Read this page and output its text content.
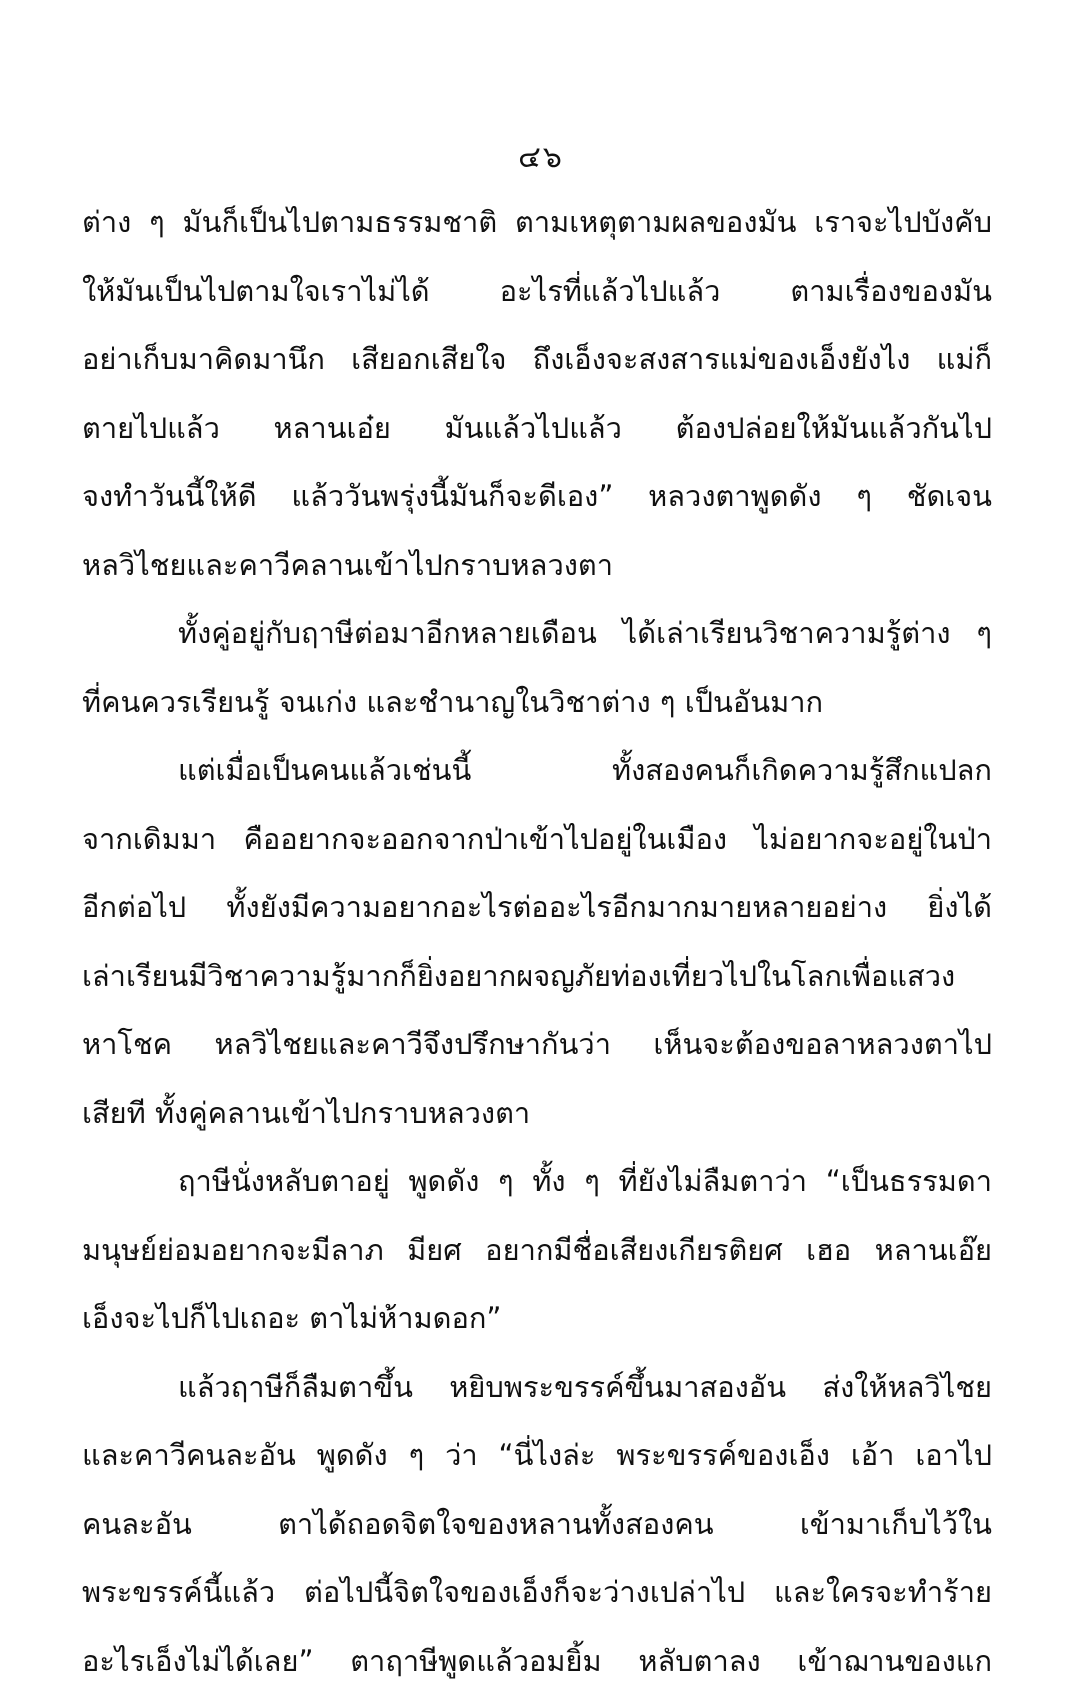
๔๖
ต่าง ๆ มันก็เป็นไปตามธรรมชาติ ตามเหตุตามผลของมัน เราจะไปบังคับ
ให้มันเป็นไปตามใจเราไม่ได้ อะไรที่แล้วไปแล้ว ตามเรื่องของมัน
อย่าเก็บมาคิดมานึก เสียอกเสียใจ ถึงเอ็งจะสงสารแม่ของเอ็งยังไง แม่ก็
ตายไปแล้ว หลานเอ๋ย มันแล้วไปแล้ว ต้องปล่อยให้มันแล้วกันไป
จงทำวันนี้ให้ดี แล้ววันพรุ่งนี้มันก็จะดีเอง” หลวงตาพูดดัง ๆ ชัดเจน
หลวิไชยและคาวีคลานเข้าไปกราบหลวงตา
ทั้งคู่อยู่กับฤาษีต่อมาอีกหลายเดือน ได้เล่าเรียนวิชาความรู้ต่าง ๆ
ที่คนควรเรียนรู้ จนเก่ง และชำนาญในวิชาต่าง ๆ เป็นอันมาก
แต่เมื่อเป็นคนแล้วเช่นนี้ ทั้งสองคนก็เกิดความรู้สึกแปลก
จากเดิมมา คืออยากจะออกจากป่าเข้าไปอยู่ในเมือง ไม่อยากจะอยู่ในป่า
อีกต่อไป ทั้งยังมีความอยากอะไรต่ออะไรอีกมากมายหลายอย่าง ยิ่งได้
เล่าเรียนมีวิชาความรู้มากก็ยิ่งอยากผจญภัยท่องเที่ยวไปในโลกเพื่อแสวง
หาโชค หลวิไชยและคาวีจึงปรึกษากันว่า เห็นจะต้องขอลาหลวงตาไป
เสียที ทั้งคู่คลานเข้าไปกราบหลวงตา
ฤาษีนั่งหลับตาอยู่ พูดดัง ๆ ทั้ง ๆ ที่ยังไม่ลืมตาว่า “เป็นธรรมดา
มนุษย์ย่อมอยากจะมีลาภ มียศ อยากมีชื่อเสียงเกียรติยศ เฮอ หลานเอ๊ย
เอ็งจะไปก็ไปเถอะ ตาไม่ห้ามดอก”
แล้วฤาษีก็ลืมตาขึ้น หยิบพระขรรค์ขึ้นมาสองอัน ส่งให้หลวิไชย
และคาวีคนละอัน พูดดัง ๆ ว่า “นี่ไงล่ะ พระขรรค์ของเอ็ง เอ้า เอาไป
คนละอัน ตาได้ถอดจิตใจของหลานทั้งสองคน เข้ามาเก็บไว้ใน
พระขรรค์นี้แล้ว ต่อไปนี้จิตใจของเอ็งก็จะว่างเปล่าไป และใครจะทำร้าย
อะไรเอ็งไม่ได้เลย” ตาฤาษีพูดแล้วอมยิ้ม หลับตาลง เข้าฌานของแก
